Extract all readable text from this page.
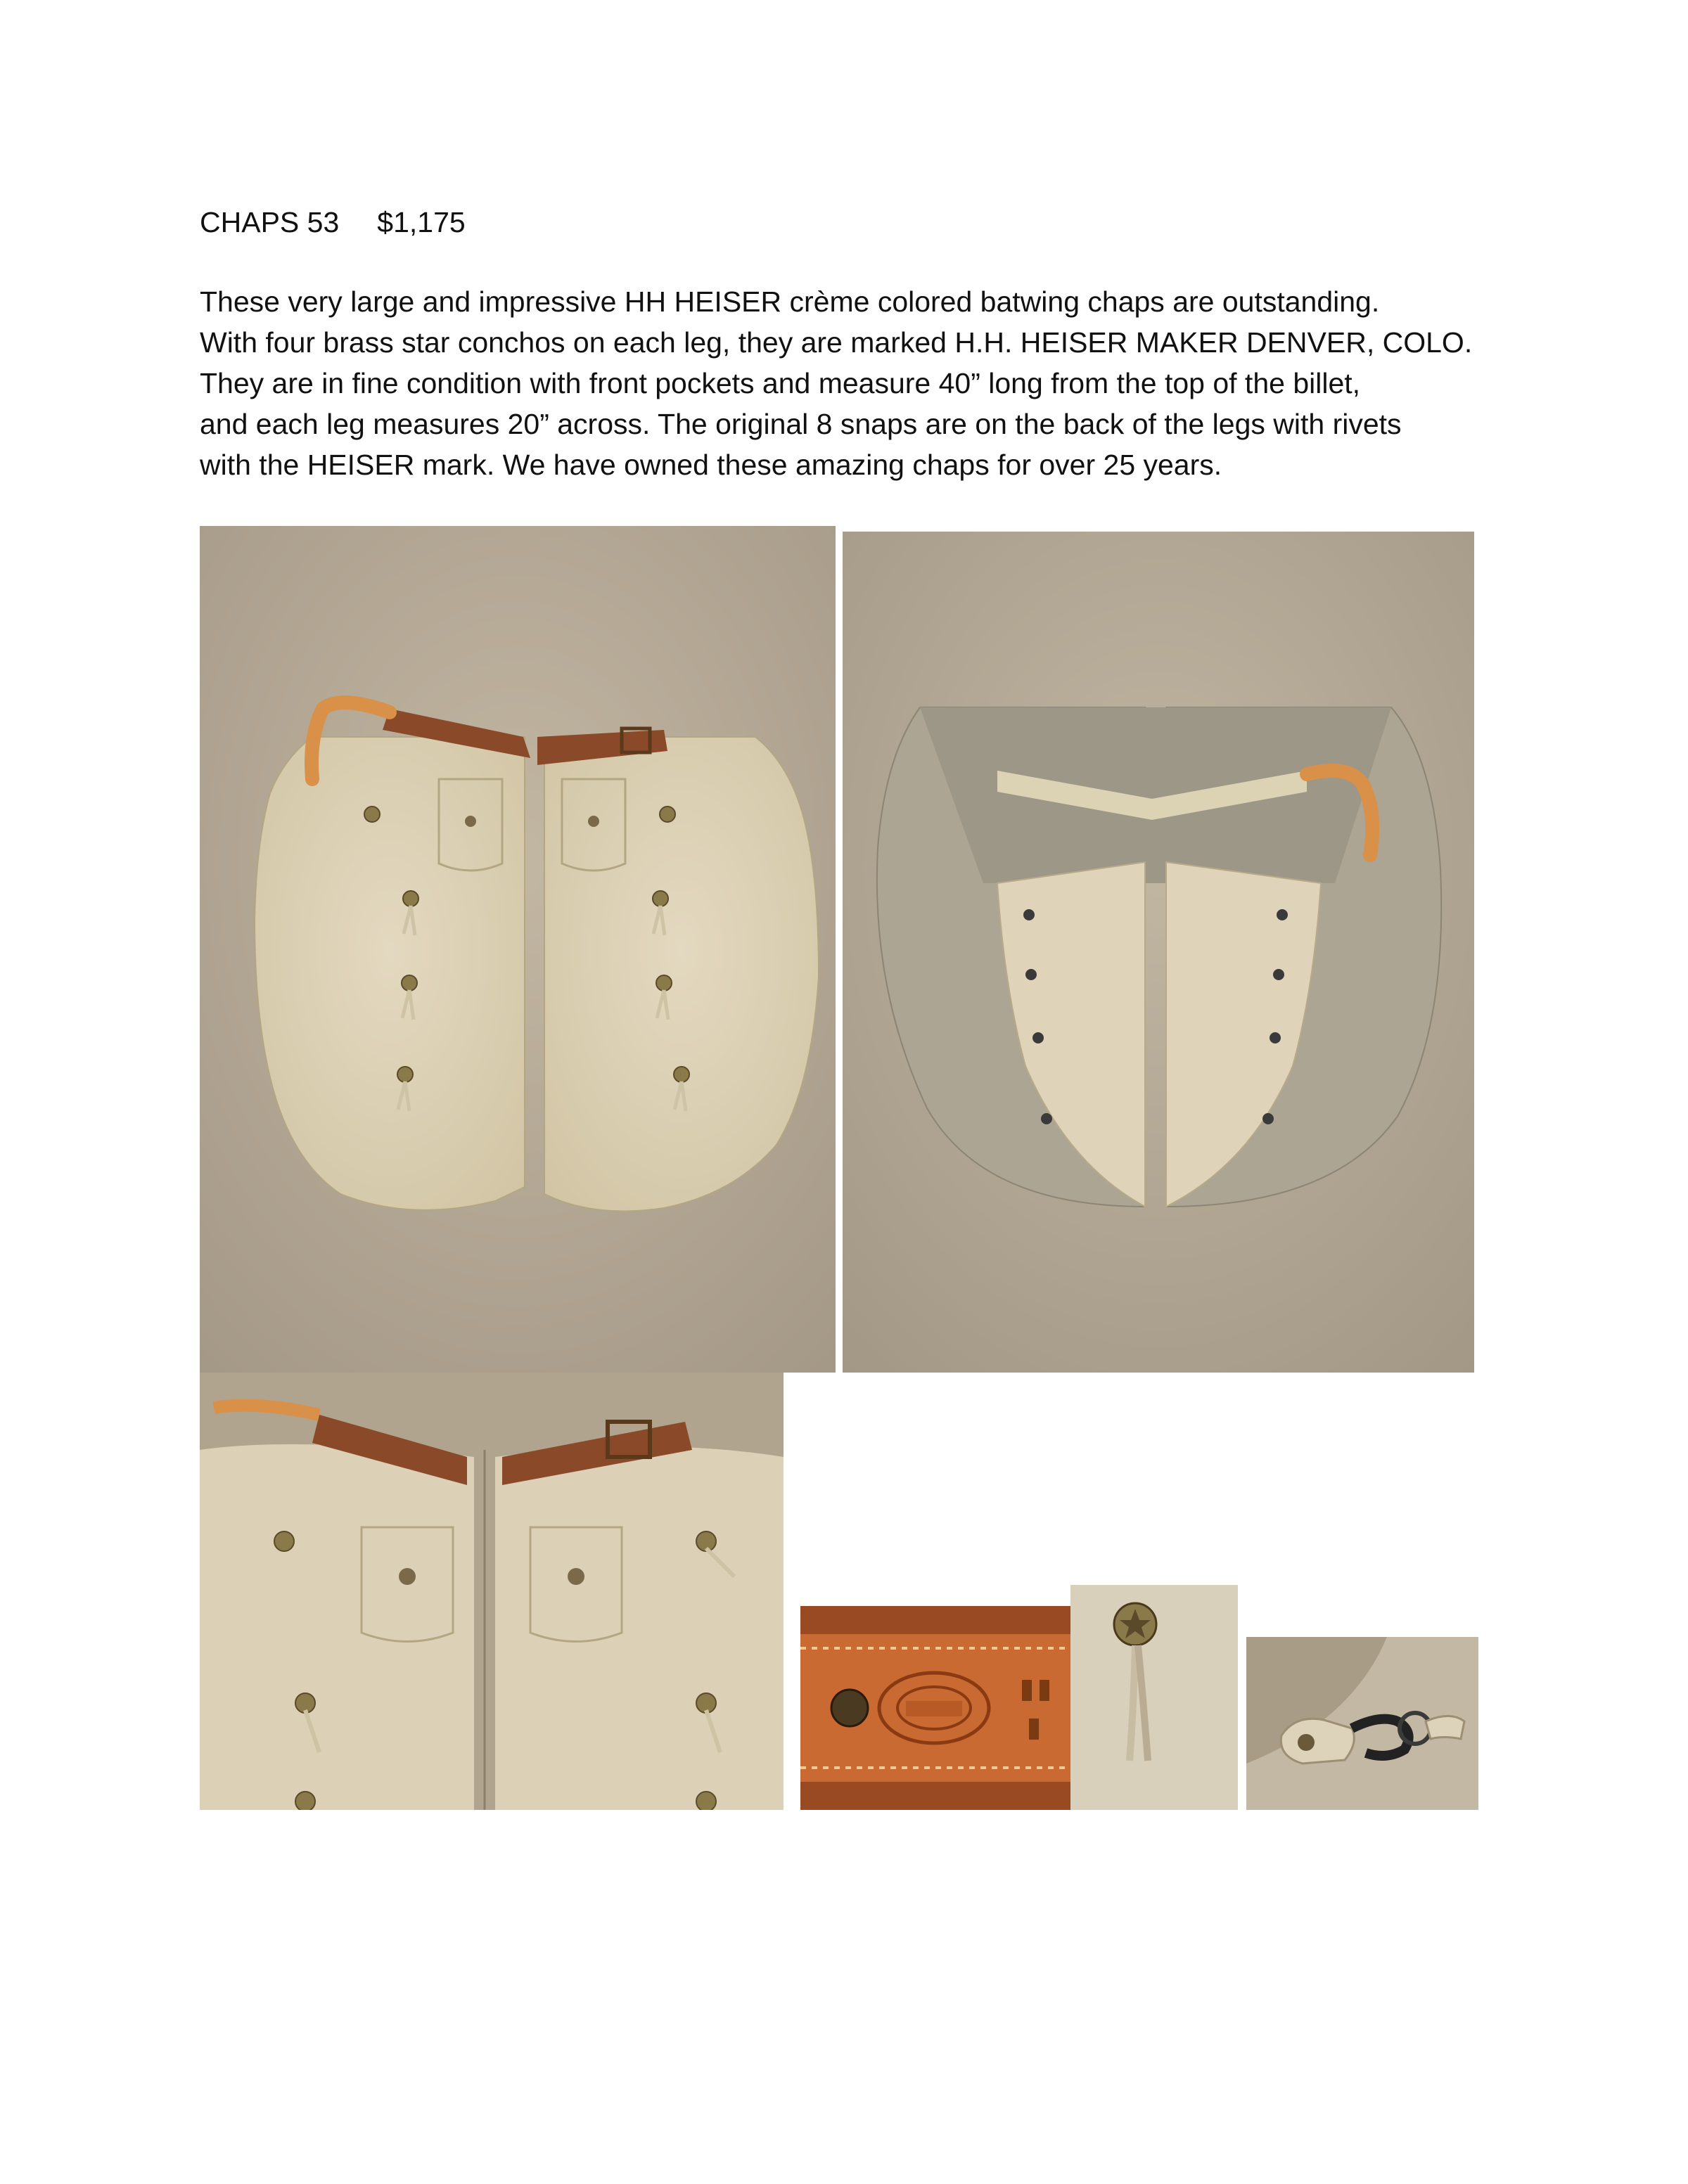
CHAPS 53 $1,175
These very large and impressive HH HEISER crème colored batwing chaps are outstanding.
With four brass star conchos on each leg, they are marked H.H. HEISER MAKER DENVER, COLO.
They are in fine condition with front pockets and measure 40” long from the top of the billet,
and each leg measures 20” across. The original 8 snaps are on the back of the legs with rivets
with the HEISER mark. We have owned these amazing chaps for over 25 years.
